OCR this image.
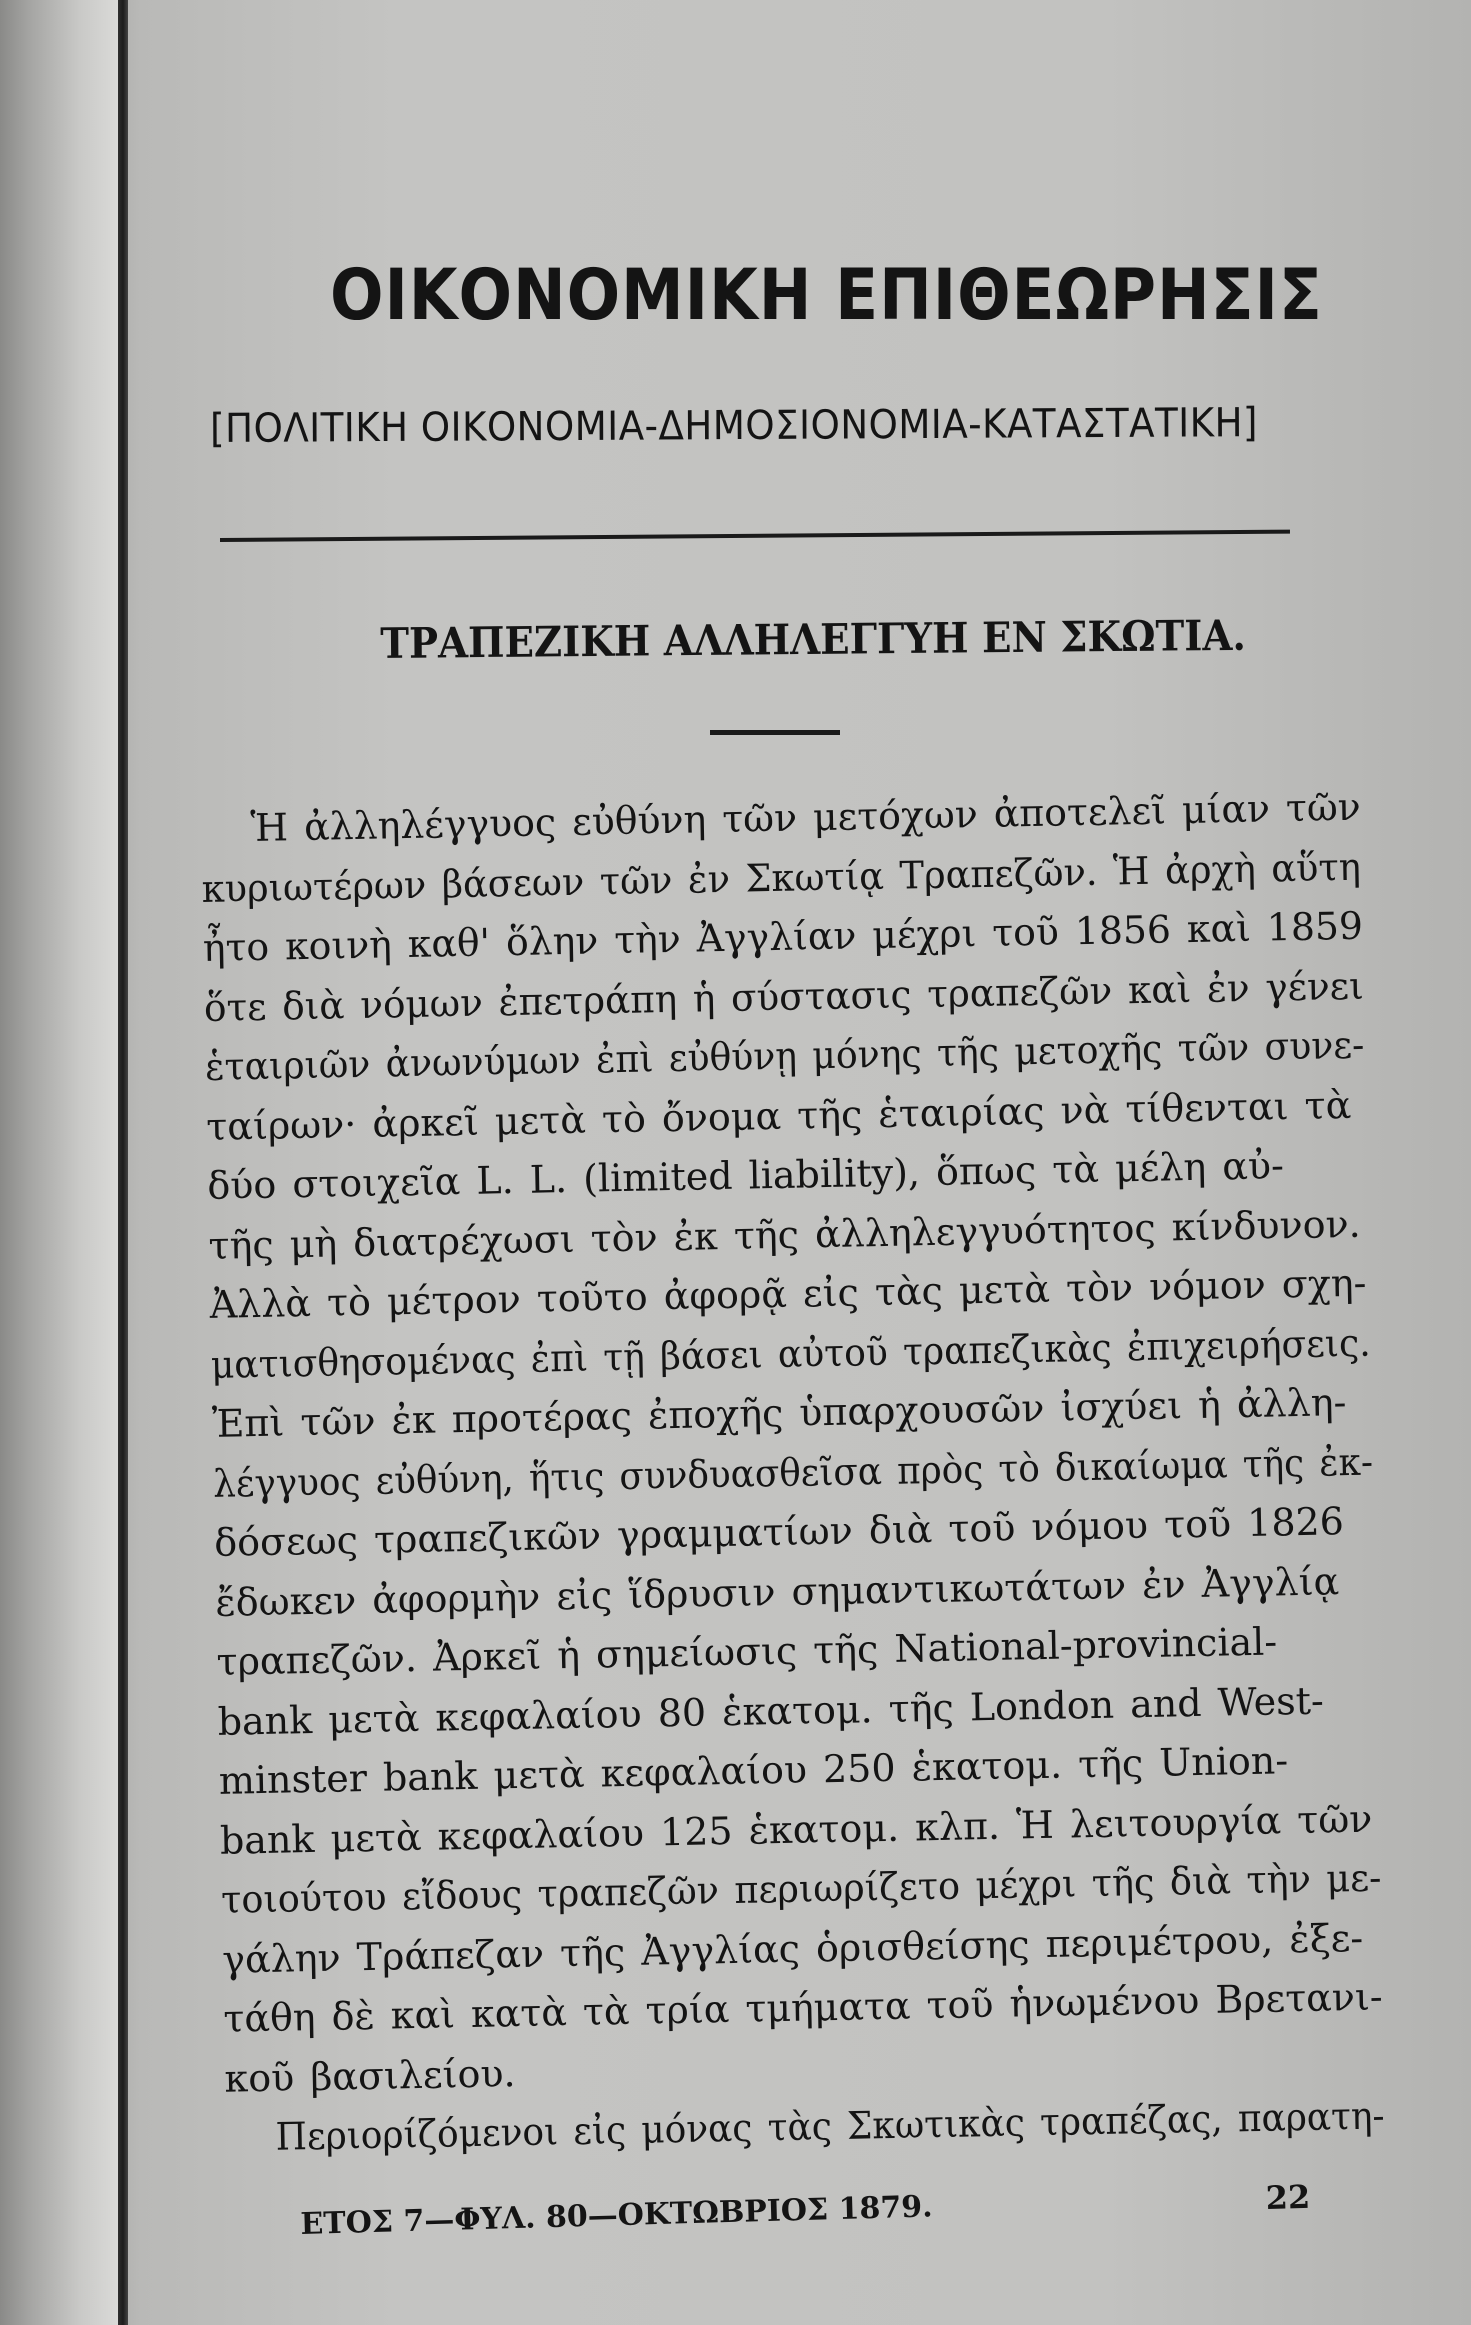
ΟΙΚΟΝΟΜΙΚΗ ΕΠΙΘΕΩΡΗΣΙΣ
[ΠΟΛΙΤΙΚΗ ΟΙΚΟΝΟΜΙΑ-ΔΗΜΟΣΙΟΝΟΜΙΑ-ΚΑΤΑΣΤΑΤΙΚΗ]
ΤΡΑΠΕΖΙΚΗ ΑΛΛΗΛΕΓΓΥΗ ΕΝ ΣΚΩΤΙΑ.
Ἡ ἀλληλέγγυος εὐθύνη τῶν μετόχων ἀποτελεῖ μίαν τῶν
κυριωτέρων βάσεων τῶν ἐν Σκωτίᾳ Τραπεζῶν. Ἡ ἀρχὴ αὕτη
ἦτο κοινὴ καθ' ὅλην τὴν Ἀγγλίαν μέχρι τοῦ 1856 καὶ 1859
ὅτε διὰ νόμων ἐπετράπη ἡ σύστασις τραπεζῶν καὶ ἐν γένει
ἑταιριῶν ἀνωνύμων ἐπὶ εὐθύνῃ μόνης τῆς μετοχῆς τῶν συνε-
ταίρων· ἀρκεῖ μετὰ τὸ ὄνομα τῆς ἑταιρίας νὰ τίθενται τὰ
δύο στοιχεῖα L. L. (limited liability), ὅπως τὰ μέλη αὐ-
τῆς μὴ διατρέχωσι τὸν ἐκ τῆς ἀλληλεγγυότητος κίνδυνον.
Ἀλλὰ τὸ μέτρον τοῦτο ἀφορᾷ εἰς τὰς μετὰ τὸν νόμον σχη-
ματισθησομένας ἐπὶ τῇ βάσει αὐτοῦ τραπεζικὰς ἐπιχειρήσεις.
Ἐπὶ τῶν ἐκ προτέρας ἐποχῆς ὑπαρχουσῶν ἰσχύει ἡ ἀλλη-
λέγγυος εὐθύνη, ἥτις συνδυασθεῖσα πρὸς τὸ δικαίωμα τῆς ἐκ-
δόσεως τραπεζικῶν γραμματίων διὰ τοῦ νόμου τοῦ 1826
ἔδωκεν ἀφορμὴν εἰς ἵδρυσιν σημαντικωτάτων ἐν Ἀγγλίᾳ
τραπεζῶν. Ἀρκεῖ ἡ σημείωσις τῆς National-provincial-
bank μετὰ κεφαλαίου 80 ἑκατομ. τῆς London and West-
minster bank μετὰ κεφαλαίου 250 ἑκατομ. τῆς Union-
bank μετὰ κεφαλαίου 125 ἑκατομ. κλπ. Ἡ λειτουργία τῶν
τοιούτου εἴδους τραπεζῶν περιωρίζετο μέχρι τῆς διὰ τὴν με-
γάλην Τράπεζαν τῆς Ἀγγλίας ὁρισθείσης περιμέτρου, ἐξε-
τάθη δὲ καὶ κατὰ τὰ τρία τμήματα τοῦ ἡνωμένου Βρετανι-
κοῦ βασιλείου.
Περιορίζόμενοι εἰς μόνας τὰς Σκωτικὰς τραπέζας, παρατη-
ΕΤΟΣ 7—ΦΥΛ. 80—ΟΚΤΩΒΡΙΟΣ 1879.	22
